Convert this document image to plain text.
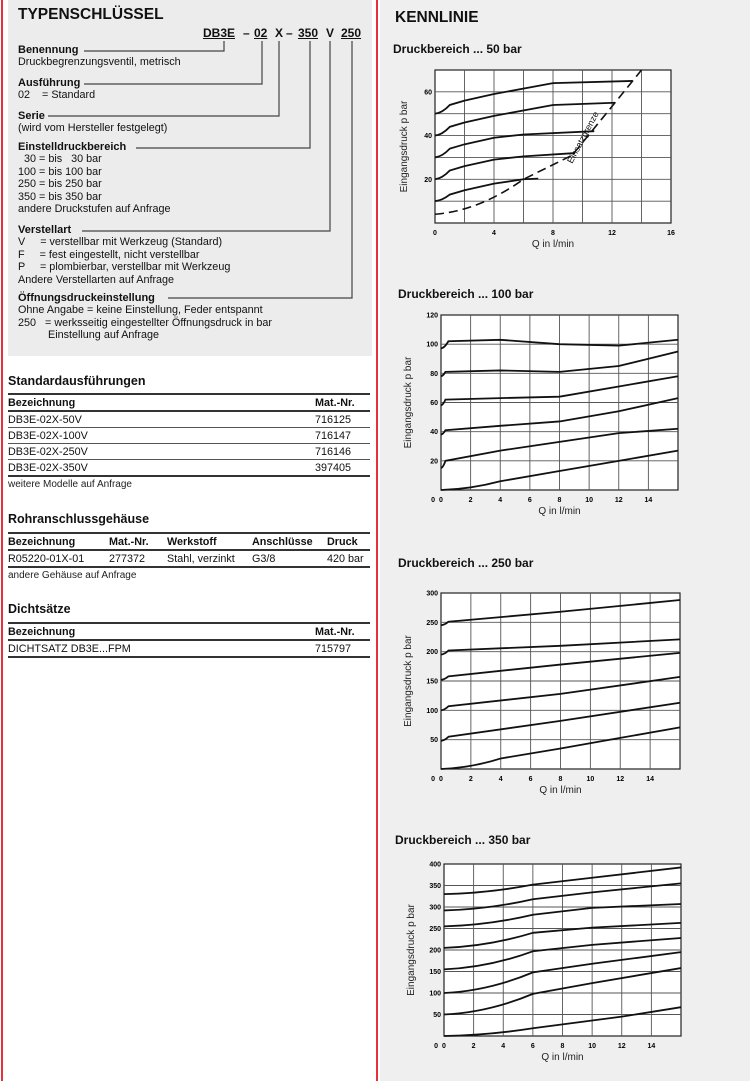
TYPENSCHLÜSSEL
DB3E – 02 X – 350 V 250
Benennung
Druckbegrenzungsventil, metrisch
Ausführung
02    = Standard
Serie
(wird vom Hersteller festgelegt)
Einstelldruckbereich
30 = bis   30 bar
100 = bis 100 bar
250 = bis 250 bar
350 = bis 350 bar
andere Druckstufen auf Anfrage
Verstellart
V     = verstellbar mit Werkzeug (Standard)
F     = fest eingestellt, nicht verstellbar
P     = plombierbar, verstellbar mit Werkzeug
Andere Verstellarten auf Anfrage
Öffnungsdruckeinstellung
Ohne Angabe = keine Einstellung, Feder entspannt
250   = werksseitig eingestellter Öffnungsdruck in bar
Einstellung auf Anfrage
Standardausführungen
Bezeichnung	Mat.-Nr.
DB3E-02X-50V	716125
DB3E-02X-100V	716147
DB3E-02X-250V	716146
DB3E-02X-350V	397405
weitere Modelle auf Anfrage
Rohranschlussgehäuse
Bezeichnung	Mat.-Nr.	Werkstoff	Anschlüsse	Druck
R05220-01X-01	277372	Stahl, verzinkt	G3/8	420 bar
andere Gehäuse auf Anfrage
Dichtsätze
Bezeichnung	Mat.-Nr.
DICHTSATZ DB3E...FPM	715797
KENNLINIE
Druckbereich ... 50 bar
Druckbereich ... 100 bar
Druckbereich ... 250 bar
Druckbereich ... 350 bar
0	4	8	12	16
20
40
60
Q in l/min
Eingangsdruck p bar	Einsatzgrenze
0	2	4	6	8	10	12	14
20
40
60
80
100
120
0
Q in l/min
Eingangsdruck p bar
0	2	4	6	8	10	12	14
50
100
150
200
250
300
0
Q in l/min
Eingangsdruck p bar
0	2	4	6	8	10	12	14
50
100
150
200
250
300
350
400
0
Q in l/min
Eingangsdruck p bar
